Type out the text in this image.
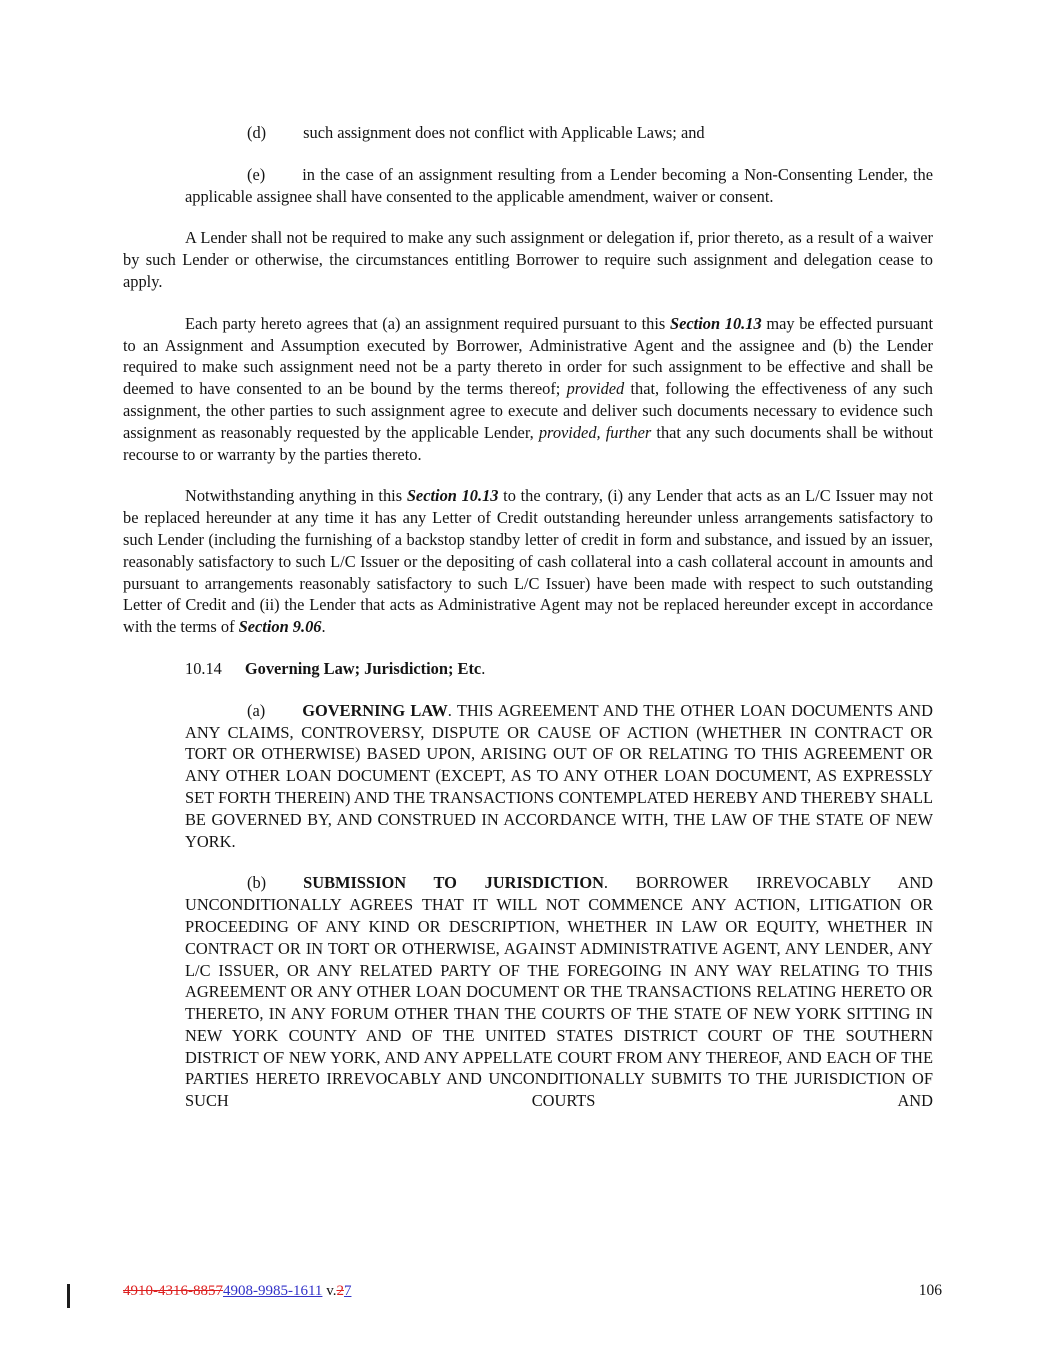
(d) such assignment does not conflict with Applicable Laws; and

(e) in the case of an assignment resulting from a Lender becoming a Non-Consenting Lender, the applicable assignee shall have consented to the applicable amendment, waiver or consent.

A Lender shall not be required to make any such assignment or delegation if, prior thereto, as a result of a waiver by such Lender or otherwise, the circumstances entitling Borrower to require such assignment and delegation cease to apply.

Each party hereto agrees that (a) an assignment required pursuant to this Section 10.13 may be effected pursuant to an Assignment and Assumption executed by Borrower, Administrative Agent and the assignee and (b) the Lender required to make such assignment need not be a party thereto in order for such assignment to be effective and shall be deemed to have consented to an be bound by the terms thereof; provided that, following the effectiveness of any such assignment, the other parties to such assignment agree to execute and deliver such documents necessary to evidence such assignment as reasonably requested by the applicable Lender, provided, further that any such documents shall be without recourse to or warranty by the parties thereto.

Notwithstanding anything in this Section 10.13 to the contrary, (i) any Lender that acts as an L/C Issuer may not be replaced hereunder at any time it has any Letter of Credit outstanding hereunder unless arrangements satisfactory to such Lender (including the furnishing of a backstop standby letter of credit in form and substance, and issued by an issuer, reasonably satisfactory to such L/C Issuer or the depositing of cash collateral into a cash collateral account in amounts and pursuant to arrangements reasonably satisfactory to such L/C Issuer) have been made with respect to such outstanding Letter of Credit and (ii) the Lender that acts as Administrative Agent may not be replaced hereunder except in accordance with the terms of Section 9.06.

10.14 Governing Law; Jurisdiction; Etc.

(a) GOVERNING LAW. THIS AGREEMENT AND THE OTHER LOAN DOCUMENTS AND ANY CLAIMS, CONTROVERSY, DISPUTE OR CAUSE OF ACTION (WHETHER IN CONTRACT OR TORT OR OTHERWISE) BASED UPON, ARISING OUT OF OR RELATING TO THIS AGREEMENT OR ANY OTHER LOAN DOCUMENT (EXCEPT, AS TO ANY OTHER LOAN DOCUMENT, AS EXPRESSLY SET FORTH THEREIN) AND THE TRANSACTIONS CONTEMPLATED HEREBY AND THEREBY SHALL BE GOVERNED BY, AND CONSTRUED IN ACCORDANCE WITH, THE LAW OF THE STATE OF NEW YORK.

(b) SUBMISSION TO JURISDICTION. BORROWER IRREVOCABLY AND UNCONDITIONALLY AGREES THAT IT WILL NOT COMMENCE ANY ACTION, LITIGATION OR PROCEEDING OF ANY KIND OR DESCRIPTION, WHETHER IN LAW OR EQUITY, WHETHER IN CONTRACT OR IN TORT OR OTHERWISE, AGAINST ADMINISTRATIVE AGENT, ANY LENDER, ANY L/C ISSUER, OR ANY RELATED PARTY OF THE FOREGOING IN ANY WAY RELATING TO THIS AGREEMENT OR ANY OTHER LOAN DOCUMENT OR THE TRANSACTIONS RELATING HERETO OR THERETO, IN ANY FORUM OTHER THAN THE COURTS OF THE STATE OF NEW YORK SITTING IN NEW YORK COUNTY AND OF THE UNITED STATES DISTRICT COURT OF THE SOUTHERN DISTRICT OF NEW YORK, AND ANY APPELLATE COURT FROM ANY THEREOF, AND EACH OF THE PARTIES HERETO IRREVOCABLY AND UNCONDITIONALLY SUBMITS TO THE JURISDICTION OF SUCH COURTS AND

4910-4316-88574908-9985-1611 v.27	106
